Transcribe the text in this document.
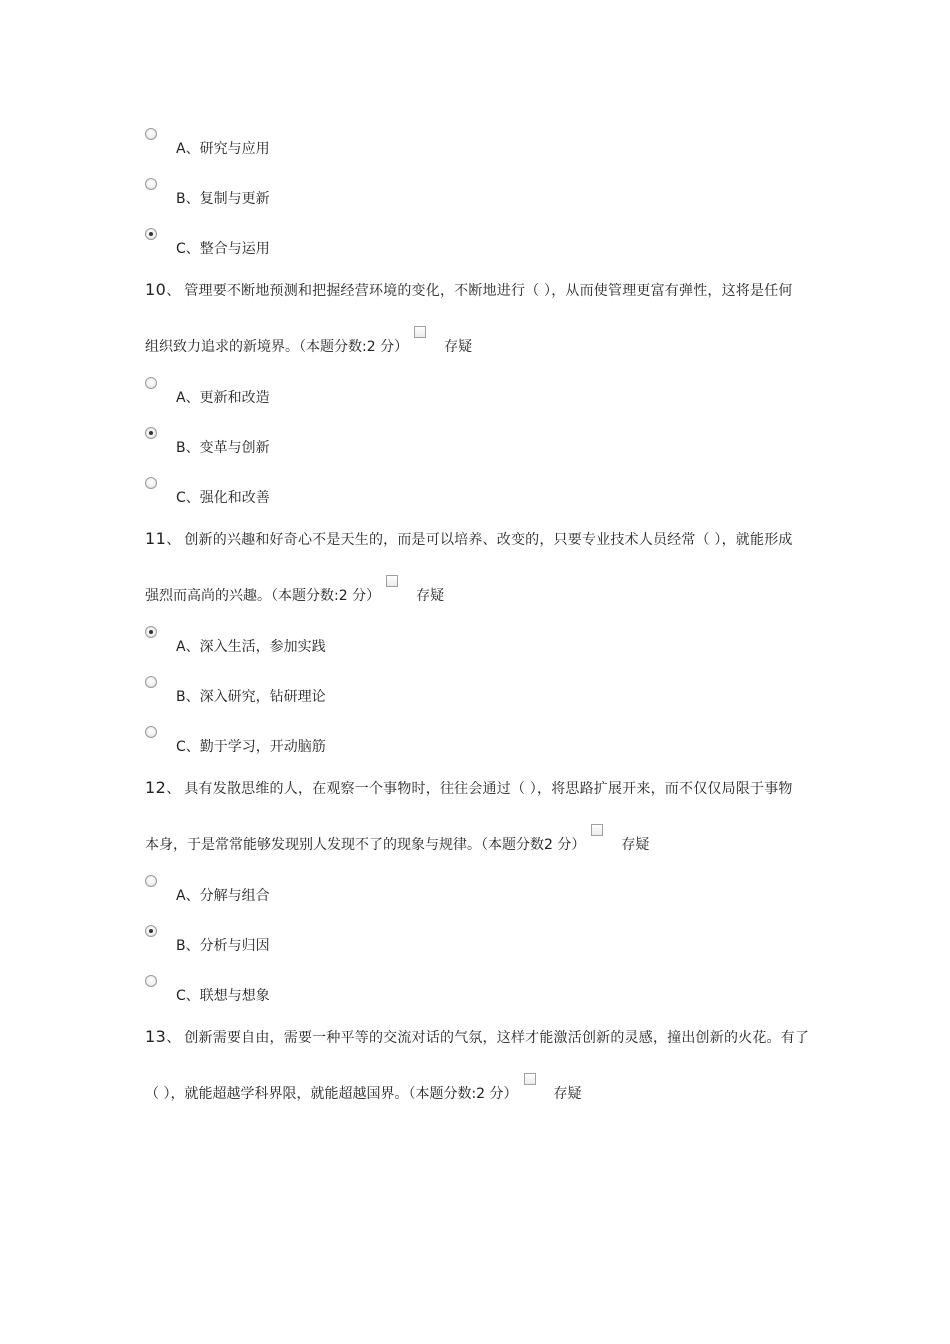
A、研究与应用
B、复制与更新
C、整合与运用
10、 管理要不断地预测和把握经营环境的变化，不断地进行（ ），从而使管理更富有弹性，这将是任何
组织致力追求的新境界。（本题分数:2 分）	存疑
A、更新和改造
B、变革与创新
C、强化和改善
11、 创新的兴趣和好奇心不是天生的，而是可以培养、改变的，只要专业技术人员经常（ ），就能形成
强烈而高尚的兴趣。（本题分数:2 分）	存疑
A、深入生活，参加实践
B、深入研究，钻研理论
C、勤于学习，开动脑筋
12、 具有发散思维的人，在观察一个事物时，往往会通过（ ），将思路扩展开来，而不仅仅局限于事物
本身，于是常常能够发现别人发现不了的现象与规律。（本题分数2 分）	存疑
A、分解与组合
B、分析与归因
C、联想与想象
13、 创新需要自由，需要一种平等的交流对话的气氛，这样才能激活创新的灵感，撞出创新的火花。有了
（ ），就能超越学科界限，就能超越国界。（本题分数:2 分）	存疑
